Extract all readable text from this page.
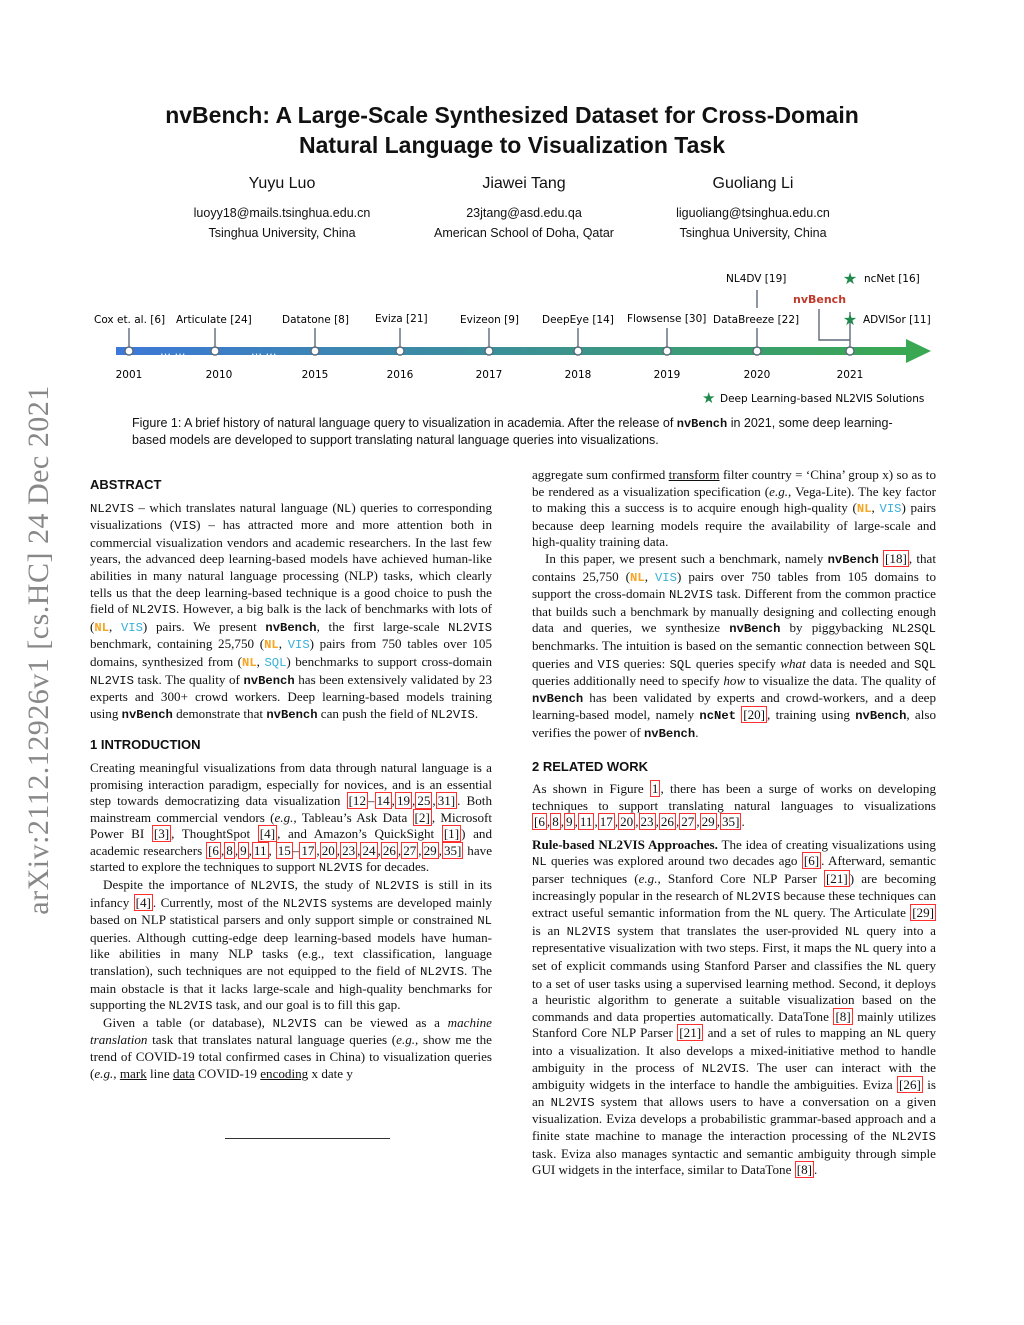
arXiv:2112.12926v1 [cs.HC] 24 Dec 2021
nvBench: A Large-Scale Synthesized Dataset for Cross-Domain
Natural Language to Visualization Task
Yuyu Luo
luoyy18@mails.tsinghua.edu.cn
Tsinghua University, China
Jiawei Tang
23jtang@asd.edu.qa
American School of Doha, Qatar
Guoliang Li
liguoliang@tsinghua.edu.cn
Tsinghua University, China
… …	… …
Cox et. al. [6] Articulate [24]	Datatone [8] Eviza [21]	Evizeon [9] DeepEye [14] Flowsense [30] DataBreeze [22]	ADVISor [11]
NL4DV [19]	ncNet [16]
nvBench
★
★
2001	2010	2015	2016	2017	2018	2019	2020	2021
★ Deep Learning-based NL2VIS Solutions
Figure 1: A brief history of natural language query to visualization in academia. After the release of nvBench in 2021, some deep learning-based models are developed to support translating natural language queries into visualizations.
ABSTRACT

NL2VIS – which translates natural language (NL) queries to corresponding visualizations (VIS) – has attracted more and more attention both in commercial visualization vendors and academic researchers. In the last few years, the advanced deep learning-based models have achieved human-like abilities in many natural language processing (NLP) tasks, which clearly tells us that the deep learning-based technique is a good choice to push the field of NL2VIS. However, a big balk is the lack of benchmarks with lots of (NL, VIS) pairs. We present nvBench, the first large-scale NL2VIS benchmark, containing 25,750 (NL, VIS) pairs from 750 tables over 105 domains, synthesized from (NL, SQL) benchmarks to support cross-domain NL2VIS task. The quality of nvBench has been extensively validated by 23 experts and 300+ crowd workers. Deep learning-based models training using nvBench demonstrate that nvBench can push the field of NL2VIS.

1 INTRODUCTION

Creating meaningful visualizations from data through natural language is a promising interaction paradigm, especially for novices, and is an essential step towards democratizing data visualization [12 – 14 , 19 , 25 , 31] . Both mainstream commercial vendors (e.g., Tableau’s Ask Data [2] , Microsoft Power BI [3] , ThoughtSpot [4] , and Amazon’s QuickSight [1] ) and academic researchers [6 , 8 , 9 , 11 , 15 – 17 , 20 , 23 , 24 , 26 , 27 , 29 , 35] have started to explore the techniques to support NL2VIS for decades.

Despite the importance of NL2VIS, the study of NL2VIS is still in its infancy [4] . Currently, most of the NL2VIS systems are developed mainly based on NLP statistical parsers and only support simple or constrained NL queries. Although cutting-edge deep learning-based models have human-like abilities in many NLP tasks (e.g., text classification, language translation), such techniques are not equipped to the field of NL2VIS. The main obstacle is that it lacks large-scale and high-quality benchmarks for supporting the NL2VIS task, and our goal is to fill this gap.

Given a table (or database), NL2VIS can be viewed as a machine translation task that translates natural language queries (e.g., show me the trend of COVID-19 total confirmed cases in China) to visualization queries (e.g., mark line data COVID-19 encoding x date y

aggregate sum confirmed transform filter country = ‘China’ group x) so as to be rendered as a visualization specification (e.g., Vega-Lite). The key factor to making this a success is to acquire enough high-quality (NL, VIS) pairs because deep learning models require the availability of large-scale and high-quality training data.

In this paper, we present such a benchmark, namely nvBench [18] , that contains 25,750 (NL, VIS) pairs over 750 tables from 105 domains to support the cross-domain NL2VIS task. Different from the common practice that builds such a benchmark by manually designing and collecting enough data and queries, we synthesize nvBench by piggybacking NL2SQL benchmarks. The intuition is based on the semantic connection between SQL queries and VIS queries: SQL queries specify what data is needed and SQL queries additionally need to specify how to visualize the data. The quality of nvBench has been validated by experts and crowd-workers, and a deep learning-based model, namely ncNet [20] , training using nvBench, also verifies the power of nvBench.

2 RELATED WORK

As shown in Figure 1 , there has been a surge of works on developing techniques to support translating natural languages to visualizations [6 , 8 , 9 , 11 , 17 , 20 , 23 , 26 , 27 , 29 , 35] .

Rule-based NL2VIS Approaches. The idea of creating visualizations using NL queries was explored around two decades ago [6] . Afterward, semantic parser techniques (e.g., Stanford Core NLP Parser [21] ) are becoming increasingly popular in the research of NL2VIS because these techniques can extract useful semantic information from the NL query. The Articulate [29] is an NL2VIS system that translates the user-provided NL query into a representative visualization with two steps. First, it maps the NL query into a set of explicit commands using Stanford Parser and classifies the NL query to a set of user tasks using a supervised learning method. Second, it deploys a heuristic algorithm to generate a suitable visualization based on the commands and data properties automatically. DataTone [8] mainly utilizes Stanford Core NLP Parser [21] and a set of rules to mapping an NL query into a visualization. It also develops a mixed-initiative method to handle ambiguity in the process of NL2VIS. The user can interact with the ambiguity widgets in the interface to handle the ambiguities. Eviza [26] is an NL2VIS system that allows users to have a conversation on a given visualization. Eviza develops a probabilistic grammar-based approach and a finite state machine to manage the interaction processing of the NL2VIS task. Eviza also manages syntactic and semantic ambiguity through simple GUI widgets in the interface, similar to DataTone [8] .
